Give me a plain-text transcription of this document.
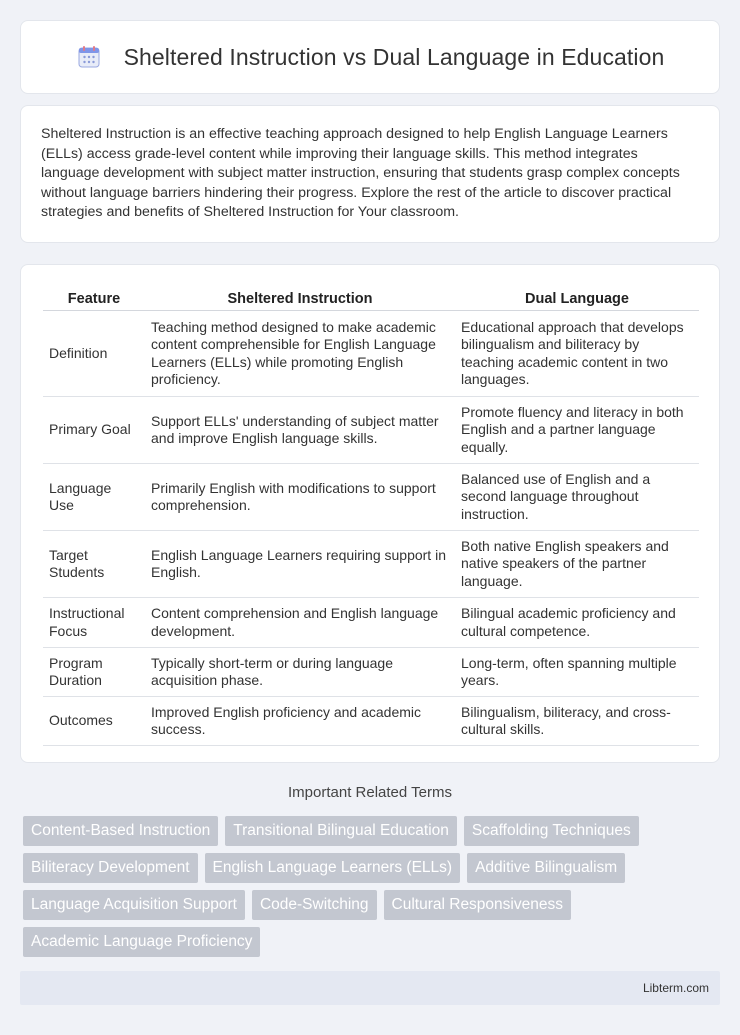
Sheltered Instruction vs Dual Language in Education

Sheltered Instruction is an effective teaching approach designed to help English Language Learners (ELLs) access grade-level content while improving their language skills. This method integrates language development with subject matter instruction, ensuring that students grasp complex concepts without language barriers hindering their progress. Explore the rest of the article to discover practical strategies and benefits of Sheltered Instruction for Your classroom.

Feature	Sheltered Instruction	Dual Language
Definition	Teaching method designed to make academic content comprehensible for English Language Learners (ELLs) while promoting English proficiency.	Educational approach that develops bilingualism and biliteracy by teaching academic content in two languages.
Primary Goal	Support ELLs' understanding of subject matter and improve English language skills.	Promote fluency and literacy in both English and a partner language equally.
Language Use	Primarily English with modifications to support comprehension.	Balanced use of English and a second language throughout instruction.
Target Students	English Language Learners requiring support in English.	Both native English speakers and native speakers of the partner language.
Instructional Focus	Content comprehension and English language development.	Bilingual academic proficiency and cultural competence.
Program Duration	Typically short-term or during language acquisition phase.	Long-term, often spanning multiple years.
Outcomes	Improved English proficiency and academic success.	Bilingualism, biliteracy, and cross-cultural skills.
Important Related Terms
Content-Based Instruction	Transitional Bilingual Education	Scaffolding Techniques
Biliteracy Development	English Language Learners (ELLs)	Additive Bilingualism
Language Acquisition Support	Code-Switching	Cultural Responsiveness
Academic Language Proficiency
Libterm.com
